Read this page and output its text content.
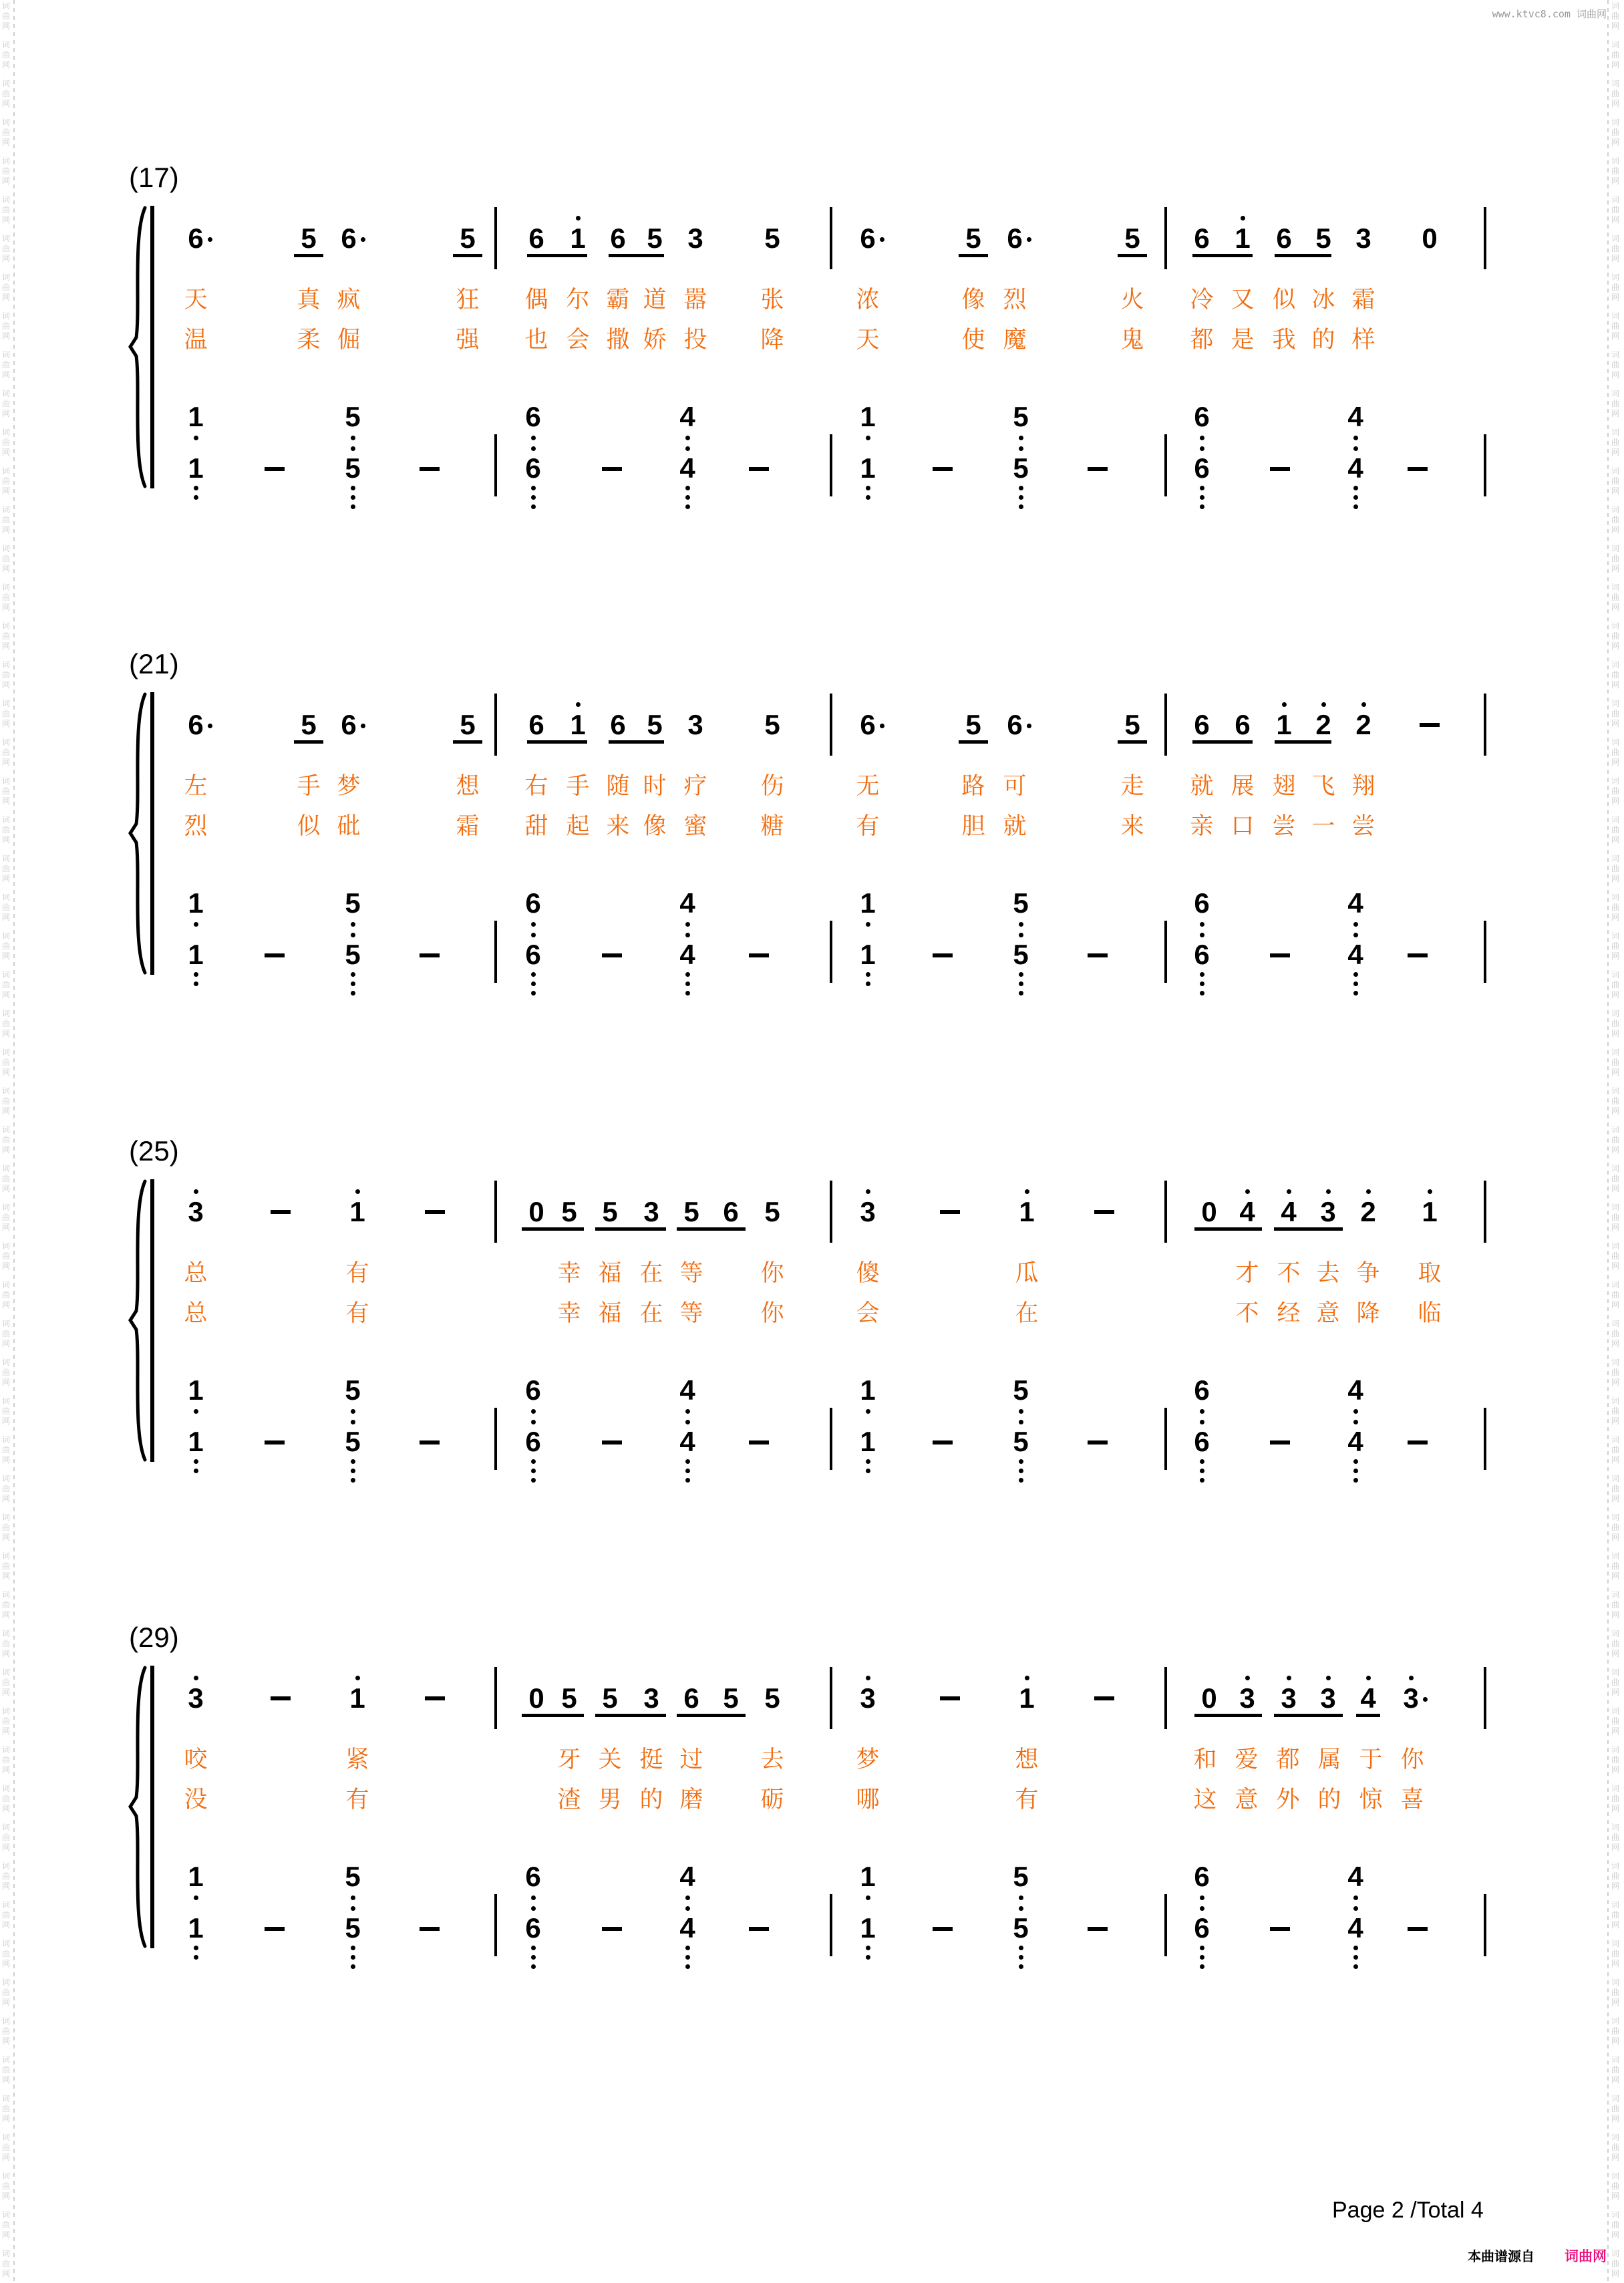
词
曲
网
词
曲
网
词
曲
网
词
曲
网
词
曲
网
词
曲
网
词
曲
网
词
曲
网
词
曲
网
词
曲
网
词
曲
网
词
曲
网
词
曲
网
词
曲
网
词
曲
网
词
曲
网
词
曲
网
词
曲
网
词
曲
网
词
曲
网
词
曲
网
词
曲
网
词
曲
网
词
曲
网
词
曲
网
词
曲
网
词
曲
网
词
曲
网
词
曲
网
词
曲
网
词
曲
网
词
曲
网
词
曲
网
词
曲
网
词
曲
网
词
曲
网
词
曲
网
词
曲
网
词
曲
网
词
曲
网
词
曲
网
词
曲
网
词
曲
网
词
曲
网
词
曲
网
词
曲
网
词
曲
网
词
曲
网
词
曲
网
词
曲
网
词
曲
网
词
曲
网
词
曲
网
词
曲
网
词
曲
网
词
曲
网
词
曲
网
词
曲
网
词
曲
网
词
曲
网
词
曲
网
词
曲
网
词
曲
网
词
曲
网
词
曲
网
词
曲
网
词
曲
网
词
曲
网
词
曲
网
词
曲
网
词
曲
网
词
曲
网
词
曲
网
词
曲
网
词
曲
网
词
曲
网
词
曲
网
词
曲
网
词
曲
网
词
曲
网
词
曲
网
词
曲
网
词
曲
网
词
曲
网
词
曲
网
词
曲
网
词
曲
网
词
曲
网
词
曲
网
词
曲
网
词
曲
网
词
曲
网
词
曲
网
词
曲
网
词
曲
网
词
曲
网
词
曲
网
词
曲
网
词
曲
网
词
曲
网
词
曲
网
词
曲
网
词
曲
网
词
曲
网
词
曲
网
词
曲
网
词
曲
网
词
曲
网
词
曲
网
词
曲
网
词
曲
网
词
曲
网
词
曲
网
词
曲
网
词
曲
网
词
曲
网
词
曲
网
词
曲
网
www.ktvc8.com 词曲网
(17)
6	5 6	5	6 1 6 5 3	5	6	5 6	5	6 1 6 5 3	0
天	真 疯	狂 偶 尔 霸 道 嚣 张	浓	像 烈	火 冷 又 似 冰 霜
温	柔 倔	强 也 会 撒 娇 投 降	天	使 魔	鬼 都 是 我 的 样
1	5	6	4	1	5	6	4
1	5	6	4	1	5	6	4
(21)
6	5 6	5	6 1 6 5 3	5	6	5 6	5	6 6 1 2 2
左	手 梦	想 右 手 随 时 疗 伤	无	路 可	走 就 展 翅 飞 翔
烈	似 砒	霜 甜 起 来 像 蜜 糖	有	胆 就	来 亲 口 尝 一 尝
1	5	6	4	1	5	6	4
1	5	6	4	1	5	6	4
(25)
3	1	0 5 5 3 5 6 5	3	1	0 4 4 3 2	1
总	有	幸 福 在 等 你	傻	瓜	才 不 去 争 取
总	有	幸 福 在 等 你	会	在	不 经 意 降 临
1	5	6	4	1	5	6	4
1	5	6	4	1	5	6	4
(29)
3	1	0 5 5 3 6 5 5	3	1	0 3 3 3 4 3
咬	紧	牙 关 挺 过 去	梦	想	和 爱 都 属 于 你
没	有	渣 男 的 磨 砺	哪	有	这 意 外 的 惊 喜
1	5	6	4	1	5	6	4
1	5	6	4	1	5	6	4
Page 2 /Total 4
本曲谱源自 词曲网
